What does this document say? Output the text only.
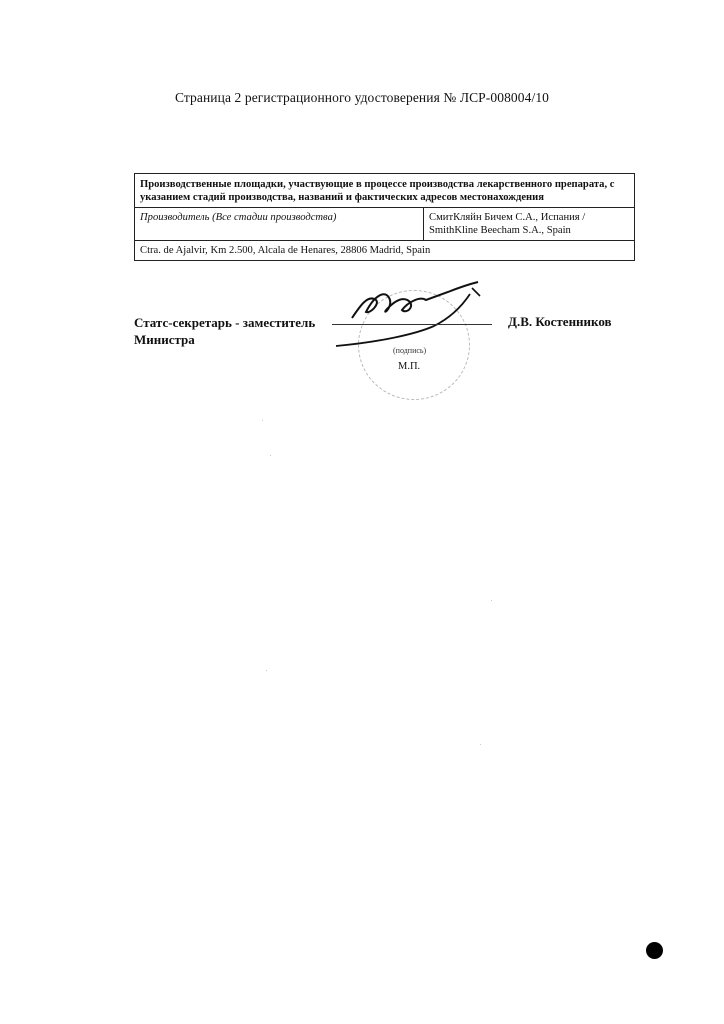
Страница 2 регистрационного удостоверения № ЛСР-008004/10
Производственные площадки, участвующие в процессе производства лекарственного препарата, с указанием стадий производства, названий и фактических адресов местонахождения
Производитель (Все стадии производства)	СмитКляйн Бичем С.А., Испания /
SmithKline Beecham S.A., Spain
Ctra. de Ajalvir, Km 2.500, Alcala de Henares, 28806 Madrid, Spain
(подпись)
М.П.
Статс-секретарь - заместитель
Министра
Д.В. Костенников
